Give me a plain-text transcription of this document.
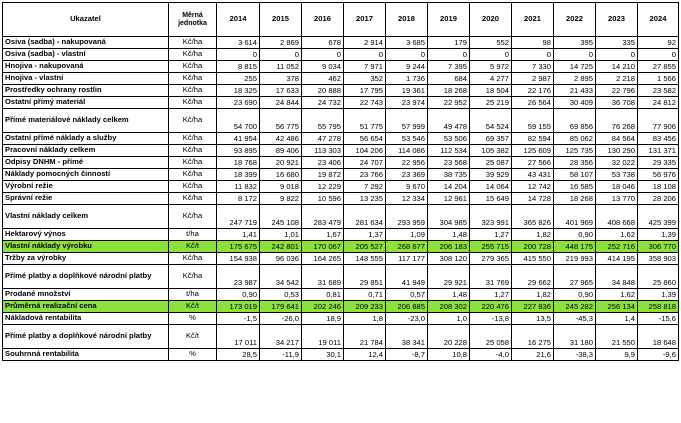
Ukazatel	Měrná jednotka	2014	2015	2016	2017	2018	2019	2020	2021	2022	2023	2024
Osiva (sadba) - nakupovaná	Kč/ha	3 614	2 869	678	2 914	3 685	179	552	98	395	335	92
Osiva (sadba) - vlastní	Kč/ha	0	0	0	0	0	0	0	0	0	0	0
Hnojiva - nakupovaná	Kč/ha	8 815	11 052	9 034	7 971	9 244	7 395	5 972	7 330	14 725	14 210	27 855
Hnojiva - vlastní	Kč/ha	255	378	462	352	1 736	684	4 277	2 987	2 895	2 218	1 566
Prostředky ochrany rostlin	Kč/ha	18 325	17 633	20 888	17 795	19 361	18 268	18 504	22 176	21 433	22 796	23 582
Ostatní přímý materiál	Kč/ha	23 690	24 844	24 732	22 743	23 974	22 952	25 219	26 564	30 409	36 708	24 812
Přímé materiálové náklady celkem	Kč/ha	54 700	56 775	55 795	51 775	57 999	49 478	54 524	59 155	69 856	76 268	77 906
Ostatní přímé náklady a služby	Kč/ha	41 954	42 486	47 278	56 654	53 546	53 506	69 357	82 594	85 062	84 564	83 456
Pracovní náklady celkem	Kč/ha	93 895	89 406	113 303	104 206	114 086	112 534	105 382	125 609	125 735	130 290	131 371
Odpisy DNHM - přímé	Kč/ha	18 768	20 921	23 406	24 707	22 956	23 568	25 087	27 566	28 356	32 022	29 335
Náklady pomocných činností	Kč/ha	18 399	16 680	19 872	23 766	23 369	38 735	39 929	43 431	58 107	53 738	56 976
Výrobní režie	Kč/ha	11 832	9 018	12 229	7 292	9 670	14 204	14 064	12 742	16 585	18 046	18 108
Správní režie	Kč/ha	8 172	9 822	10 596	13 235	12 334	12 961	15 649	14 728	18 268	13 770	28 206
Vlastní náklady celkem	Kč/ha	247 719	245 108	283 479	281 634	293 959	304 985	323 991	365 826	401 969	408 668	425 399
Hektarový výnos	t/ha	1,41	1,01	1,67	1,37	1,09	1,48	1,27	1,82	0,90	1,62	1,39
Vlastní náklady výrobku	Kč/t	175 675	242 801	170 067	205 527	268 677	206 183	255 715	200 728	448 175	252 716	306 770
Tržby za výrobky	Kč/ha	154 938	96 036	164 265	148 555	117 177	308 120	279 365	415 550	219 993	414 195	358 903
Přímé platby a doplňkové národní platby	Kč/ha	23 987	34 542	31 689	29 851	41 949	29 921	31 769	29 662	27 965	34 848	25 860
Prodané množství	t/ha	0,90	0,53	0,81	0,71	0,57	1,48	1,27	1,82	0,90	1,62	1,39
Průměrná realizační cena	Kč/t	173 019	179 641	202 246	209 233	206 885	208 302	220 476	227 836	245 282	256 134	258 818
Nákladová rentabilita	%	-1,5	-26,0	18,9	1,8	-23,0	1,0	-13,8	13,5	-45,3	1,4	-15,6
Přímé platby a doplňkové národní platby	Kč/t	17 011	34 217	19 011	21 784	38 341	20 228	25 058	16 275	31 180	21 550	18 648
Souhrnná rentabilita	%	28,5	-11,9	30,1	12,4	-8,7	10,8	-4,0	21,6	-38,3	9,9	-9,6
